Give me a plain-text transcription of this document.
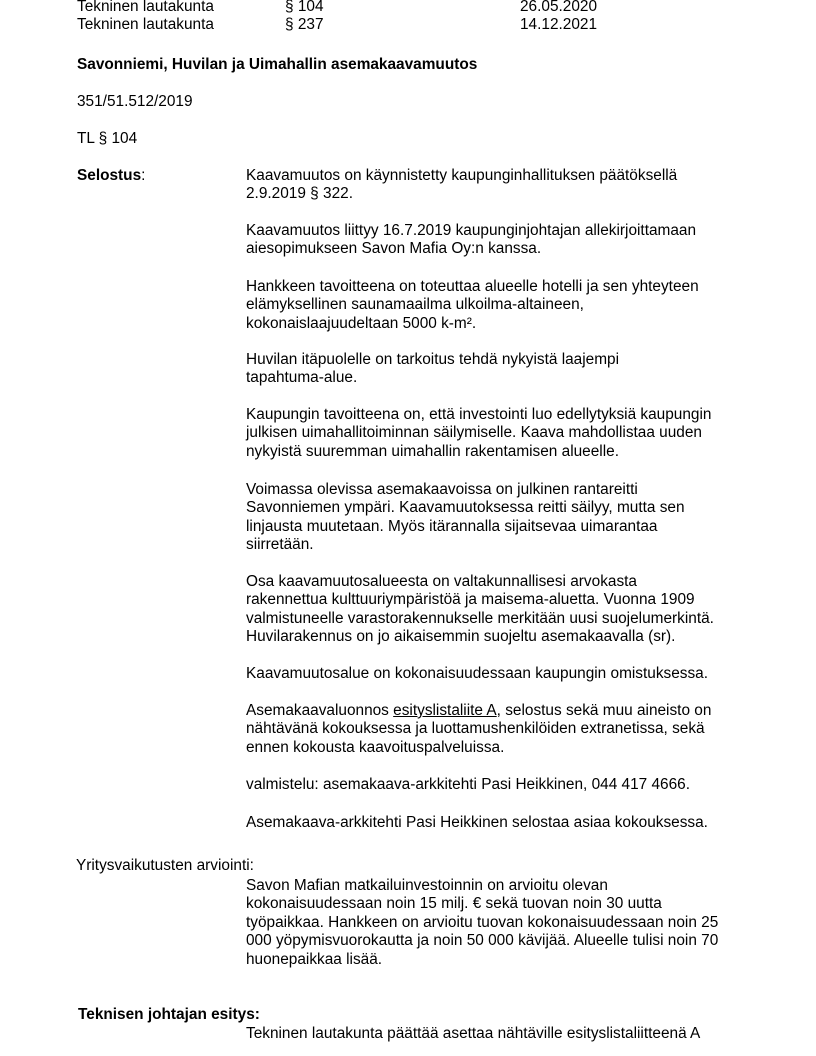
Tekninen lautakunta	§ 104	26.05.2020
Tekninen lautakunta	§ 237	14.12.2021
Savonniemi, Huvilan ja Uimahallin asemakaavamuutos
351/51.512/2019
TL § 104
Selostus:	Kaavamuutos on käynnistetty kaupunginhallituksen päätöksellä

2.9.2019 § 322.

Kaavamuutos liittyy 16.7.2019 kaupunginjohtajan allekirjoittamaan

aiesopimukseen Savon Mafia Oy:n kanssa.

Hankkeen tavoitteena on toteuttaa alueelle hotelli ja sen yhteyteen

elämyksellinen saunamaailma ulkoilma-altaineen,

kokonaislaajuudeltaan 5000 k-m².

Huvilan itäpuolelle on tarkoitus tehdä nykyistä laajempi

tapahtuma-alue.

Kaupungin tavoitteena on, että investointi luo edellytyksiä kaupungin

julkisen uimahallitoiminnan säilymiselle. Kaava mahdollistaa uuden

nykyistä suuremman uimahallin rakentamisen alueelle.

Voimassa olevissa asemakaavoissa on julkinen rantareitti

Savonniemen ympäri. Kaavamuutoksessa reitti säilyy, mutta sen

linjausta muutetaan. Myös itärannalla sijaitsevaa uimarantaa

siirretään.

Osa kaavamuutosalueesta on valtakunnallisesi arvokasta

rakennettua kulttuuriympäristöä ja maisema-aluetta. Vuonna 1909

valmistuneelle varastorakennukselle merkitään uusi suojelumerkintä.

Huvilarakennus on jo aikaisemmin suojeltu asemakaavalla (sr).

Kaavamuutosalue on kokonaisuudessaan kaupungin omistuksessa.

Asemakaavaluonnos esityslistaliite A, selostus sekä muu aineisto on

nähtävänä kokouksessa ja luottamushenkilöiden extranetissa, sekä

ennen kokousta kaavoituspalveluissa.

valmistelu: asemakaava-arkkitehti Pasi Heikkinen, 044 417 4666.

Asemakaava-arkkitehti Pasi Heikkinen selostaa asiaa kokouksessa.

Yritysvaikutusten arviointi:

Savon Mafian matkailuinvestoinnin on arvioitu olevan

kokonaisuudessaan noin 15 milj. € sekä tuovan noin 30 uutta

työpaikkaa. Hankkeen on arvioitu tuovan kokonaisuudessaan noin 25

000 yöpymisvuorokautta ja noin 50 000 kävijää. Alueelle tulisi noin 70

huonepaikkaa lisää.

Teknisen johtajan esitys:

Tekninen lautakunta päättää asettaa nähtäville esityslistaliitteenä A
